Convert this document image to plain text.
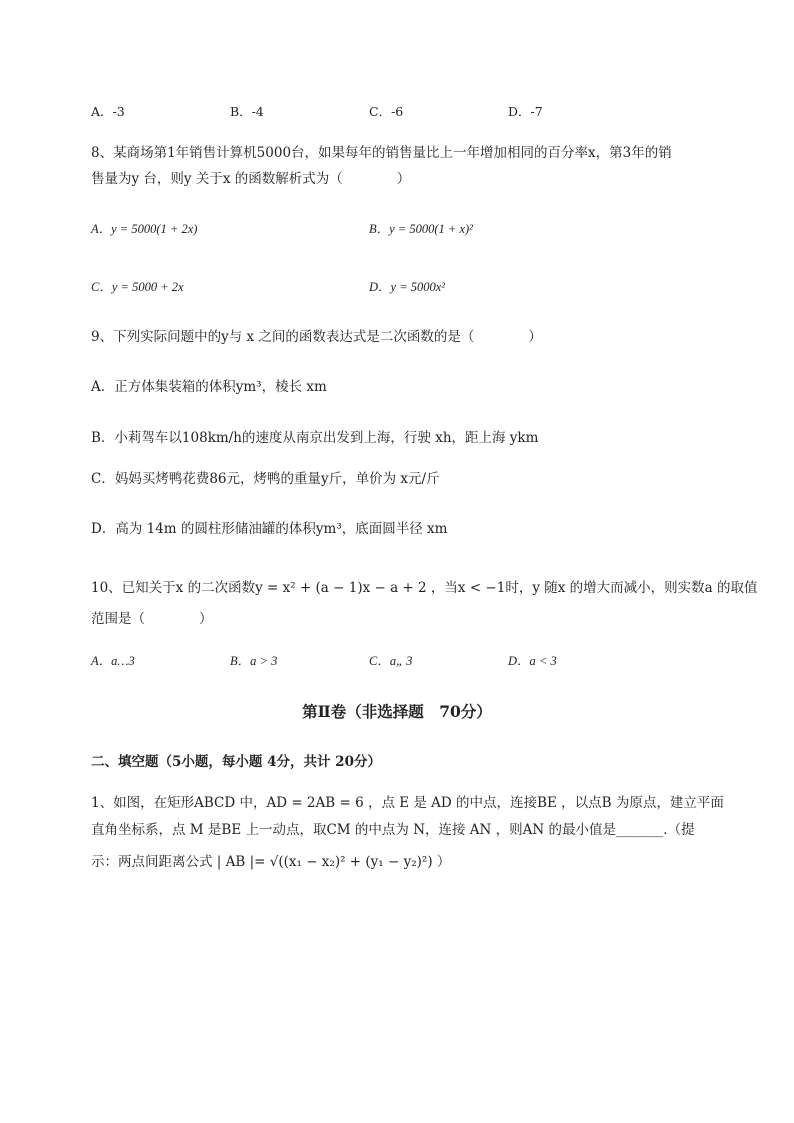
A．-3	B．-4	C．-6	D．-7
8、某商场第1年销售计算机5000台，如果每年的销售量比上一年增加相同的百分率x，第3年的销
售量为y 台，则y 关于x 的函数解析式为（　　　　）
A．y = 5000(1 + 2x)	B．y = 5000(1 + x)²
C．y = 5000 + 2x	D．y = 5000x²
9、下列实际问题中的y与 x 之间的函数表达式是二次函数的是（　　　　）
A．正方体集装箱的体积ym³，棱长 xm
B．小莉驾车以108km/h的速度从南京出发到上海，行驶 xh，距上海 ykm
C．妈妈买烤鸭花费86元，烤鸭的重量y斤，单价为 x元/斤
D．高为 14m 的圆柱形储油罐的体积ym³，底面圆半径 xm
10、已知关于x 的二次函数y = x² + (a − 1)x − a + 2 ，当x < −1时，y 随x 的增大而减小，则实数a 的取值
范围是（　　　　）
A．a…3	B．a > 3	C．a„ 3	D．a < 3
第Ⅱ卷（非选择题　70分）
二、填空题（5小题，每小题 4分，共计 20分）
1、如图，在矩形ABCD 中，AD = 2AB = 6 ，点 E 是 AD 的中点，连接BE ，以点B 为原点，建立平面
直角坐标系，点 M 是BE 上一动点，取CM 的中点为 N，连接 AN ，则AN 的最小值是_______.（提
示：两点间距离公式 | AB |= √((x₁ − x₂)² + (y₁ − y₂)²) ）
